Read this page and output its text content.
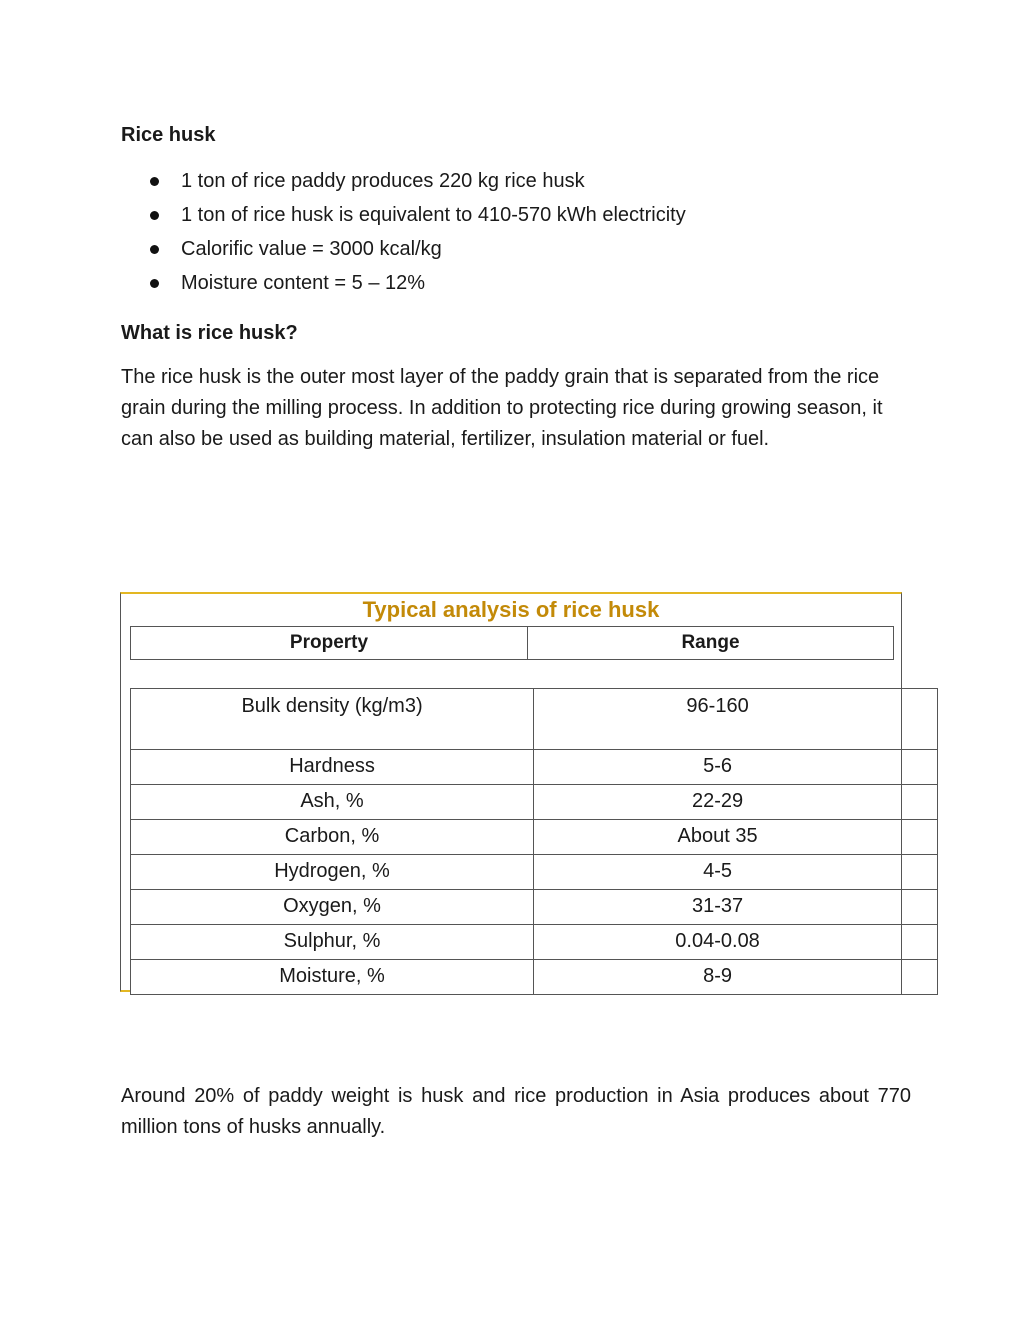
Rice husk
1 ton of rice paddy produces 220 kg rice husk
1 ton of rice husk is equivalent to 410-570 kWh electricity
Calorific value = 3000 kcal/kg
Moisture content = 5 – 12%
What is rice husk?

The rice husk is the outer most layer of the paddy grain that is separated from the rice grain during the milling process. In addition to protecting rice during growing season, it can also be used as building material, fertilizer, insulation material or fuel.

Typical analysis of rice husk
Property	Range
Bulk density (kg/m3)	96-160	
Hardness	5-6	
Ash, %	22-29	
Carbon, %	About 35	
Hydrogen, %	4-5	
Oxygen, %	31-37	
Sulphur, %	0.04-0.08	
Moisture, %	8-9	

Around 20% of paddy weight is husk and rice production in Asia produces about 770 million tons of husks annually.
